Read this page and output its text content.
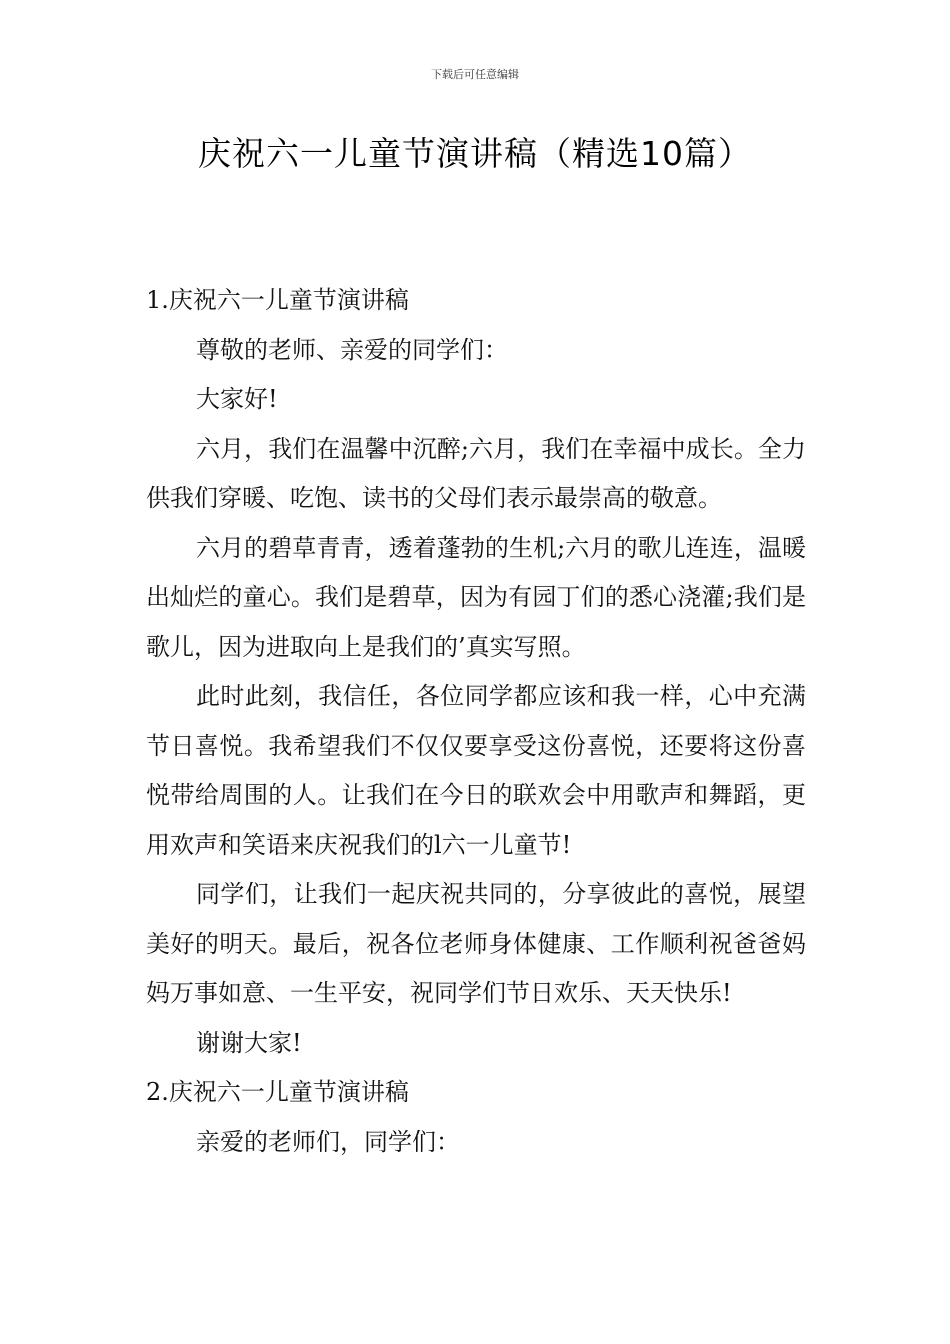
下载后可任意编辑
庆祝六一儿童节演讲稿（精选10篇）

1.庆祝六一儿童节演讲稿

尊敬的老师、亲爱的同学们：

大家好!

六月，我们在温馨中沉醉;六月，我们在幸福中成长。全力供我们穿暖、吃饱、读书的父母们表示最崇高的敬意。

六月的碧草青青，透着蓬勃的生机;六月的歌儿连连，温暖出灿烂的童心。我们是碧草，因为有园丁们的悉心浇灌;我们是歌儿，因为进取向上是我们的’真实写照。

此时此刻，我信任，各位同学都应该和我一样，心中充满节日喜悦。我希望我们不仅仅要享受这份喜悦，还要将这份喜悦带给周围的人。让我们在今日的联欢会中用歌声和舞蹈，更用欢声和笑语来庆祝我们的l六一儿童节!

同学们，让我们一起庆祝共同的，分享彼此的喜悦，展望美好的明天。最后，祝各位老师身体健康、工作顺利祝爸爸妈妈万事如意、一生平安，祝同学们节日欢乐、天天快乐!

谢谢大家!

2.庆祝六一儿童节演讲稿

亲爱的老师们，同学们：
